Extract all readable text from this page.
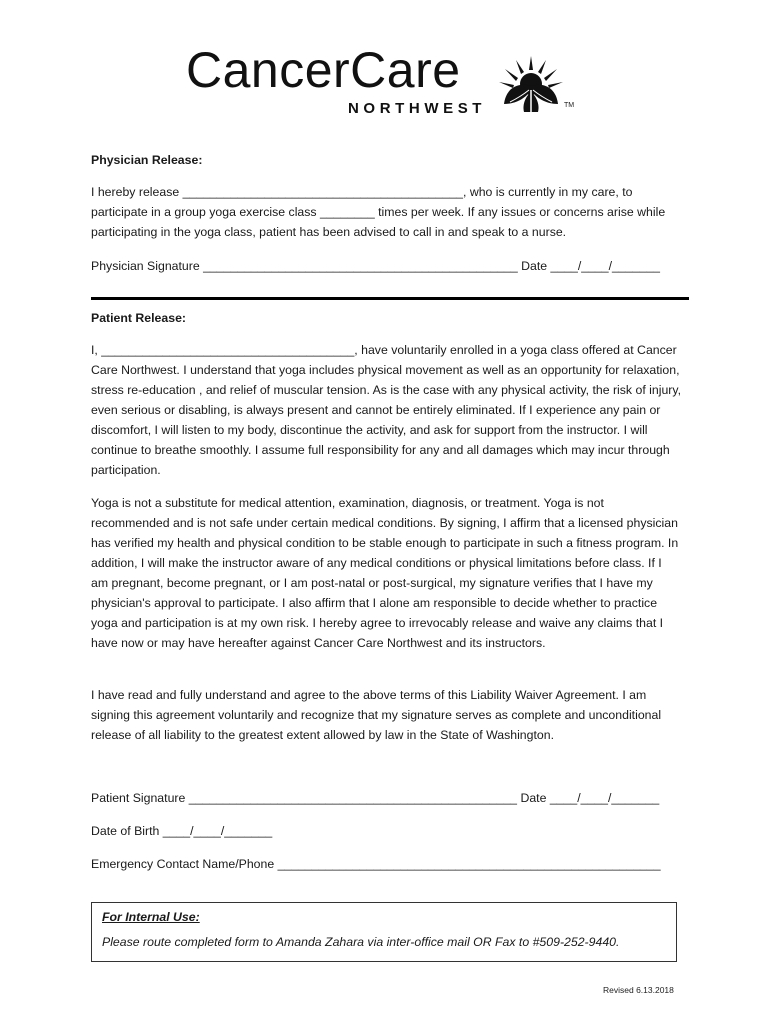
CancerCare
NORTHWEST	TM
Physician Release:

I hereby release _________________________________________, who is currently in my care, to participate in a group yoga exercise class ________ times per week. If any issues or concerns arise while participating in the yoga class, patient has been advised to call in and speak to a nurse.

Physician Signature ______________________________________________ Date ____/____/_______
Patient Release:

I, _____________________________________, have voluntarily enrolled in a yoga class offered at Cancer Care Northwest. I understand that yoga includes physical movement as well as an opportunity for relaxation, stress re-education , and relief of muscular tension. As is the case with any physical activity, the risk of injury, even serious or disabling, is always present and cannot be entirely eliminated. If I experience any pain or discomfort, I will listen to my body, discontinue the activity, and ask for support from the instructor. I will continue to breathe smoothly. I assume full responsibility for any and all damages which may incur through participation.

Yoga is not a substitute for medical attention, examination, diagnosis, or treatment. Yoga is not recommended and is not safe under certain medical conditions. By signing, I affirm that a licensed physician has verified my health and physical condition to be stable enough to participate in such a fitness program. In addition, I will make the instructor aware of any medical conditions or physical limitations before class. If I am pregnant, become pregnant, or I am post-natal or post-surgical, my signature verifies that I have my physician's approval to participate. I also affirm that I alone am responsible to decide whether to practice yoga and participation is at my own risk. I hereby agree to irrevocably release and waive any claims that I have now or may have hereafter against Cancer Care Northwest and its instructors.

I have read and fully understand and agree to the above terms of this Liability Waiver Agreement. I am signing this agreement voluntarily and recognize that my signature serves as complete and unconditional release of all liability to the greatest extent allowed by law in the State of Washington.

Patient Signature ________________________________________________ Date ____/____/_______
Date of Birth ____/____/_______
Emergency Contact Name/Phone ________________________________________________________
For Internal Use:
Please route completed form to Amanda Zahara via inter-office mail OR Fax to #509-252-9440.
Revised 6.13.2018
